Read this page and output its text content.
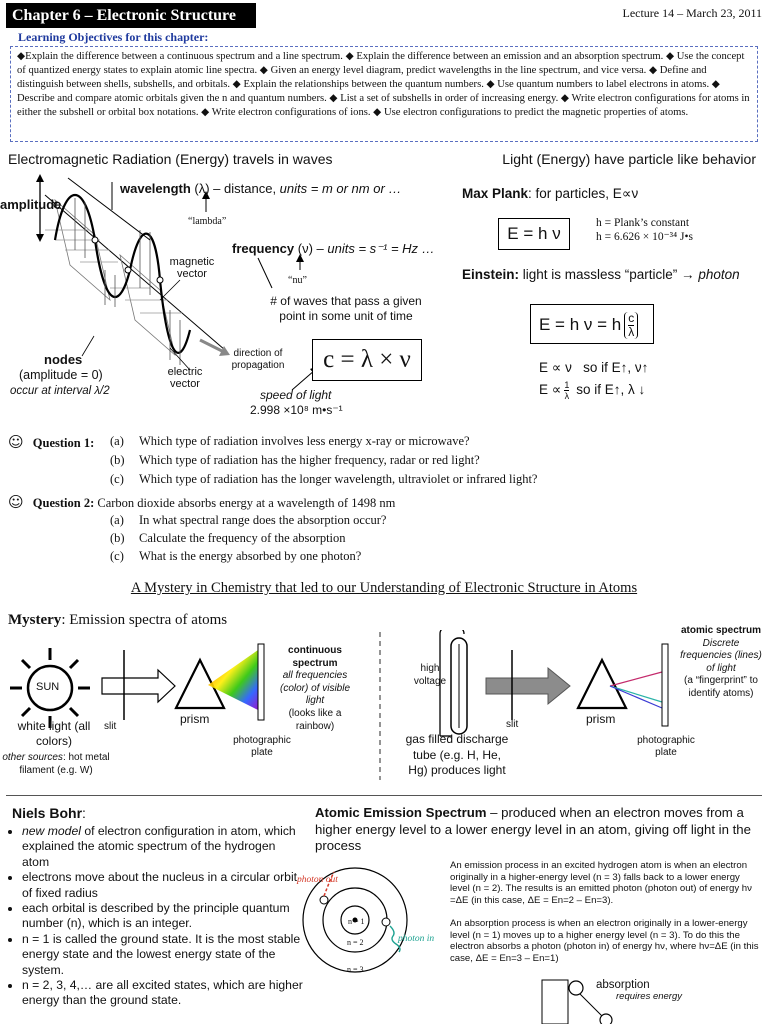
Chapter 6 – Electronic Structure	Lecture 14 – March 23, 2011
Learning Objectives for this chapter:
◆Explain the difference between a continuous spectrum and a line spectrum. ◆ Explain the difference between an emission and an absorption spectrum. ◆ Use the concept of quantized energy states to explain atomic line spectra. ◆ Given an energy level diagram, predict wavelengths in the line spectrum, and vice versa. ◆ Define and distinguish between shells, subshells, and orbitals. ◆ Explain the relationships between the quantum numbers. ◆ Use quantum numbers to label electrons in atoms. ◆ Describe and compare atomic orbitals given the n and quantum numbers. ◆ List a set of subshells in order of increasing energy. ◆ Write electron configurations for atoms in either the subshell or orbital box notations. ◆ Write electron configurations of ions. ◆ Use electron configurations to predict the magnetic properties of atoms.
Electromagnetic Radiation (Energy) travels in waves	Light (Energy) have particle like behavior
amplitude
wavelength (λ) – distance, units = m or nm or …
“lambda”
frequency (ν) – units = s⁻¹ = Hz …
“nu”
magnetic vector
# of waves that pass a given point in some unit of time
nodes
(amplitude = 0)
occur at interval λ/2
electric vector
direction of propagation	c = λ × ν
speed of light
2.998 ×10⁸ m•s⁻¹
Max Plank: for particles, E∝ν
E = h ν
h = Plank’s constant
h = 6.626 × 10⁻³⁴ J•s
Einstein: light is massless “particle” → photon
E = h ν = h $\frac{c}{\lambda}$
E ∝ ν so if E↑, ν↑
$E \propto \frac{1}{\lambda}$ so if E↑, λ ↓
☺ Question 1: (a) Which type of radiation involves less energy x-ray or microwave?
(b) Which type of radiation has the higher frequency, radar or red light?
(c) Which type of radiation has the longer wavelength, ultraviolet or infrared light?
☺ Question 2: Carbon dioxide absorbs energy at a wavelength of 1498 nm
(a) In what spectral range does the absorption occur?
(b) Calculate the frequency of the absorption
(c) What is the energy absorbed by one photon?
A Mystery in Chemistry that led to our Understanding of Electronic Structure in Atoms
Mystery: Emission spectra of atoms
SUN
white light (all colors)
other sources: hot metal filament (e.g. W)
slit
prism
photographic plate
continuous spectrum
all frequencies (color) of visible light
(looks like a rainbow)
high voltage
gas filled discharge tube (e.g. H, He, Hg) produces light
slit	prism
photographic plate
atomic spectrum
Discrete frequencies (lines) of light
(a “fingerprint” to identify atoms)
Niels Bohr:
• new model of electron configuration in atom, which explained the atomic spectrum of the hydrogen atom
• electrons move about the nucleus in a circular orbit of fixed radius
• each orbital is described by the principle quantum number (n), which is an integer.
• n = 1 is called the ground state. It is the most stable energy state and the lowest energy state of the system.
• n = 2, 3, 4,… are all excited states, which are higher energy than the ground state.
Atomic Emission Spectrum – produced when an electron moves from a higher energy level to a lower energy level in an atom, giving off light in the process
photon out
photon in
n = 1
n = 2
n = 3
An emission process in an excited hydrogen atom is when an electron originally in a higher-energy level (n = 3) falls back to a lower energy level (n = 2). The results is an emitted photon (photon out) of energy hν =ΔE (in this case, ΔE = En=2 – En=3).
An absorption process is when an electron originally in a lower-energy level (n = 1) moves up to a higher energy level (n = 3). To do this the electron absorbs a photon (photon in) of energy hν, where hν=ΔE (in this case, ΔE = En=3 – En=1)
absorption
requires energy
